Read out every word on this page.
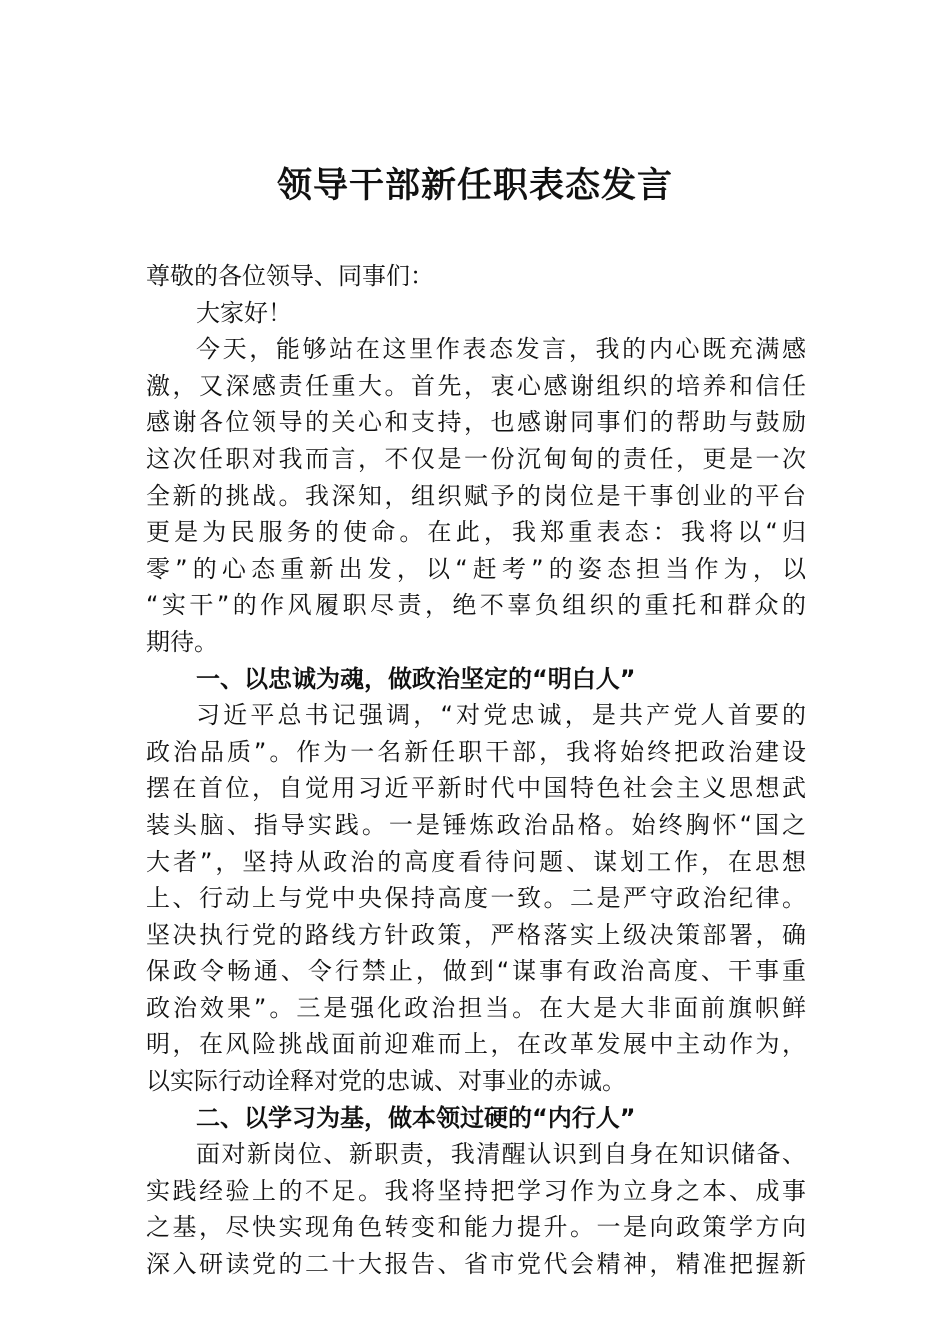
领导干部新任职表态发言
尊敬的各位领导、同事们：
大家好！
今天，能够站在这里作表态发言，我的内心既充满感
激，又深感责任重大。首先，衷心感谢组织的培养和信任
感谢各位领导的关心和支持，也感谢同事们的帮助与鼓励
这次任职对我而言，不仅是一份沉甸甸的责任，更是一次
全新的挑战。我深知，组织赋予的岗位是干事创业的平台
更是为民服务的使命。在此，我郑重表态：我将以“归
零”的心态重新出发，以“赶考”的姿态担当作为，以
“实干”的作风履职尽责，绝不辜负组织的重托和群众的
期待。
一、以忠诚为魂，做政治坚定的“明白人”
习近平总书记强调，“对党忠诚，是共产党人首要的
政治品质”。作为一名新任职干部，我将始终把政治建设
摆在首位，自觉用习近平新时代中国特色社会主义思想武
装头脑、指导实践。一是锤炼政治品格。始终胸怀“国之
大者”，坚持从政治的高度看待问题、谋划工作，在思想
上、行动上与党中央保持高度一致。二是严守政治纪律。
坚决执行党的路线方针政策，严格落实上级决策部署，确
保政令畅通、令行禁止，做到“谋事有政治高度、干事重
政治效果”。三是强化政治担当。在大是大非面前旗帜鲜
明，在风险挑战面前迎难而上，在改革发展中主动作为，
以实际行动诠释对党的忠诚、对事业的赤诚。
二、以学习为基，做本领过硬的“内行人”
面对新岗位、新职责，我清醒认识到自身在知识储备、
实践经验上的不足。我将坚持把学习作为立身之本、成事
之基，尽快实现角色转变和能力提升。一是向政策学方向
深入研读党的二十大报告、省市党代会精神，精准把握新
